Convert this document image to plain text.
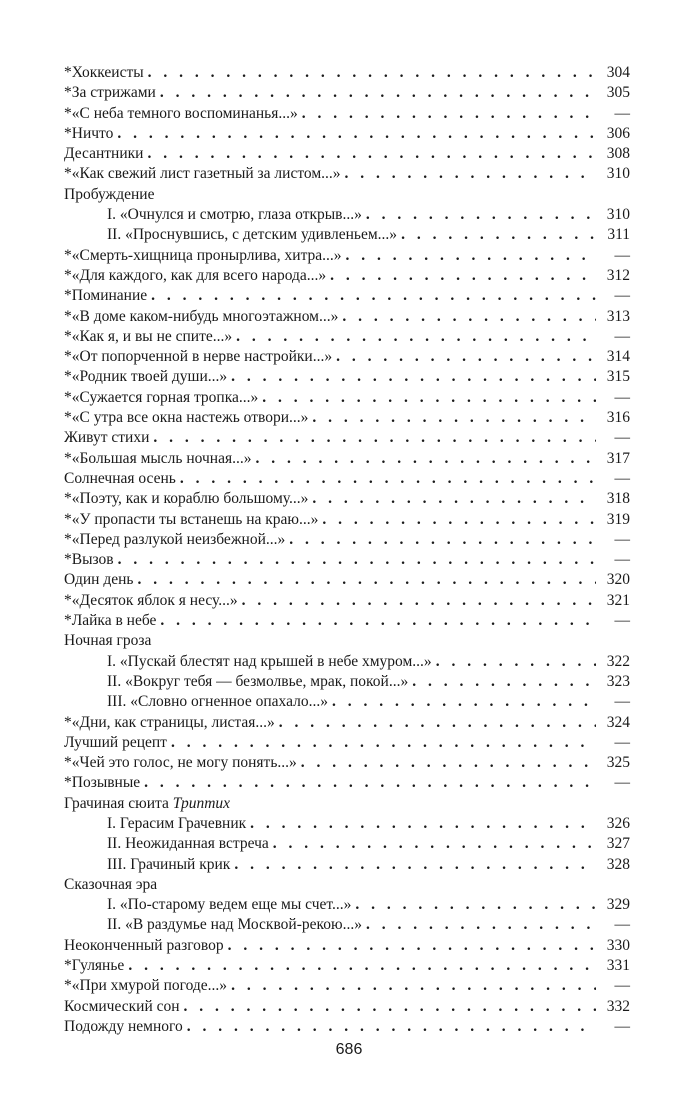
*Хоккеисты . . .	304
*За стрижами . . .	305
*«С неба темного воспоминанья...» . . .	—
*Ничто . . .	306
Десантники . . .	308
*«Как свежий лист газетный за листом...» . . .	310
Пробуждение
I. «Очнулся и смотрю, глаза открыв...» . . .	310
II. «Проснувшись, с детским удивленьем...» . . .	311
*«Смерть-хищница пронырлива, хитра...» . . .	—
*«Для каждого, как для всего народа...» . . .	312
*Поминание . . .	—
*«В доме каком-нибудь многоэтажном...» . . .	313
*«Как я, и вы не спите...» . . .	—
*«От попорченной в нерве настройки...» . . .	314
*«Родник твоей души...» . . .	315
*«Сужается горная тропка...» . . .	—
*«С утра все окна настежь отвори...» . . .	316
Живут стихи . . .	—
*«Большая мысль ночная...» . . .	317
Солнечная осень . . .	—
*«Поэту, как и кораблю большому...» . . .	318
*«У пропасти ты встанешь на краю...» . . .	319
*«Перед разлукой неизбежной...» . . .	—
*Вызов . . .	—
Один день . . .	320
*«Десяток яблок я несу...» . . .	321
*Лайка в небе . . .	—
Ночная гроза
I. «Пускай блестят над крышей в небе хмуром...» . . .	322
II. «Вокруг тебя — безмолвье, мрак, покой...» . . .	323
III. «Словно огненное опахало...» . . .	—
*«Дни, как страницы, листая...» . . .	324
Лучший рецепт . . .	—
*«Чей это голос, не могу понять...» . . .	325
*Позывные . . .	—
Грачиная сюита Триптих
I. Герасим Грачевник . . .	326
II. Неожиданная встреча . . .	327
III. Грачиный крик . . .	328
Сказочная эра
I. «По-старому ведем еще мы счет...» . . .	329
II. «В раздумье над Москвой-рекою...» . . .	—
Неоконченный разговор . . .	330
*Гулянье . . .	331
*«При хмурой погоде...» . . .	—
Космический сон . . .	332
Подожду немного . . .	—
686
